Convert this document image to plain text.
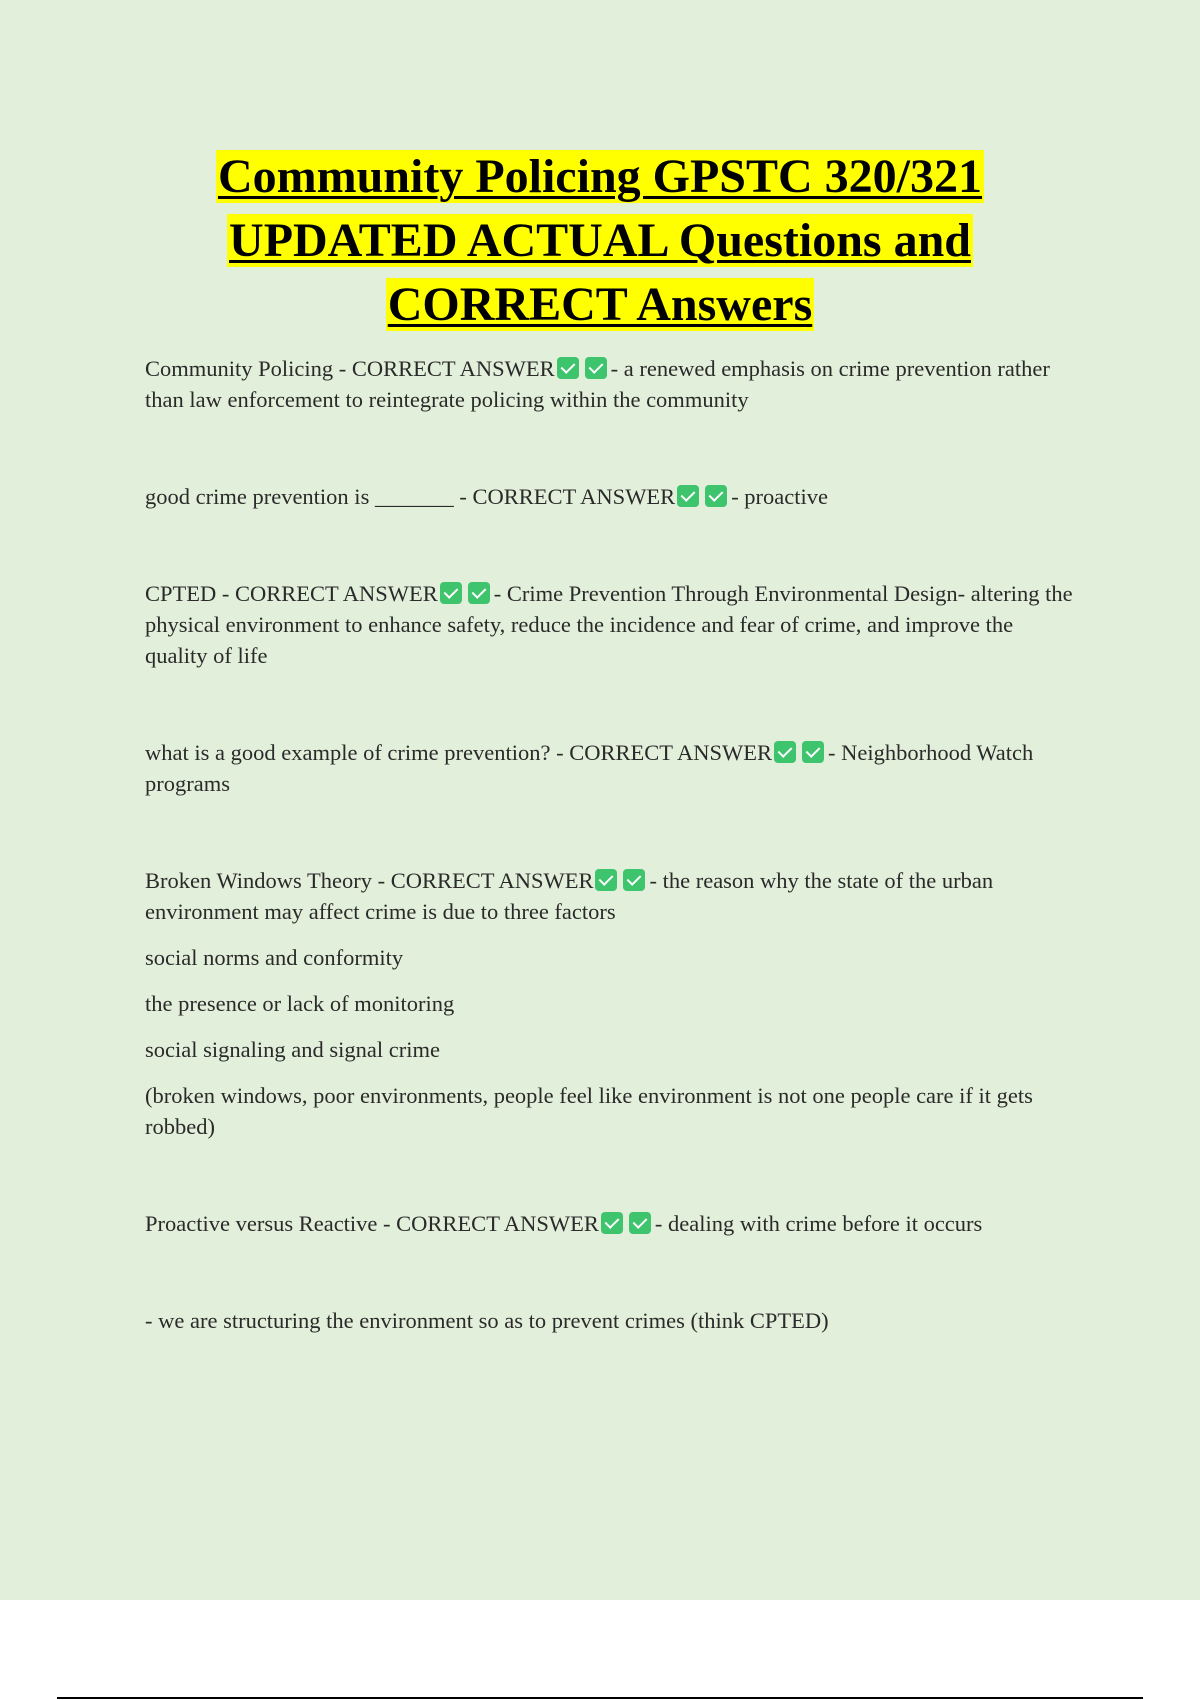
Community Policing GPSTC 320/321
UPDATED ACTUAL Questions and
CORRECT Answers

Community Policing - CORRECT ANSWER - a renewed emphasis on crime prevention rather than law enforcement to reintegrate policing within the community

good crime prevention is _______ - CORRECT ANSWER - proactive

CPTED - CORRECT ANSWER - Crime Prevention Through Environmental Design- altering the physical environment to enhance safety, reduce the incidence and fear of crime, and improve the quality of life

what is a good example of crime prevention? - CORRECT ANSWER - Neighborhood Watch programs

Broken Windows Theory - CORRECT ANSWER - the reason why the state of the urban environment may affect crime is due to three factors

social norms and conformity

the presence or lack of monitoring

social signaling and signal crime

(broken windows, poor environments, people feel like environment is not one people care if it gets robbed)

Proactive versus Reactive - CORRECT ANSWER - dealing with crime before it occurs

- we are structuring the environment so as to prevent crimes (think CPTED)
